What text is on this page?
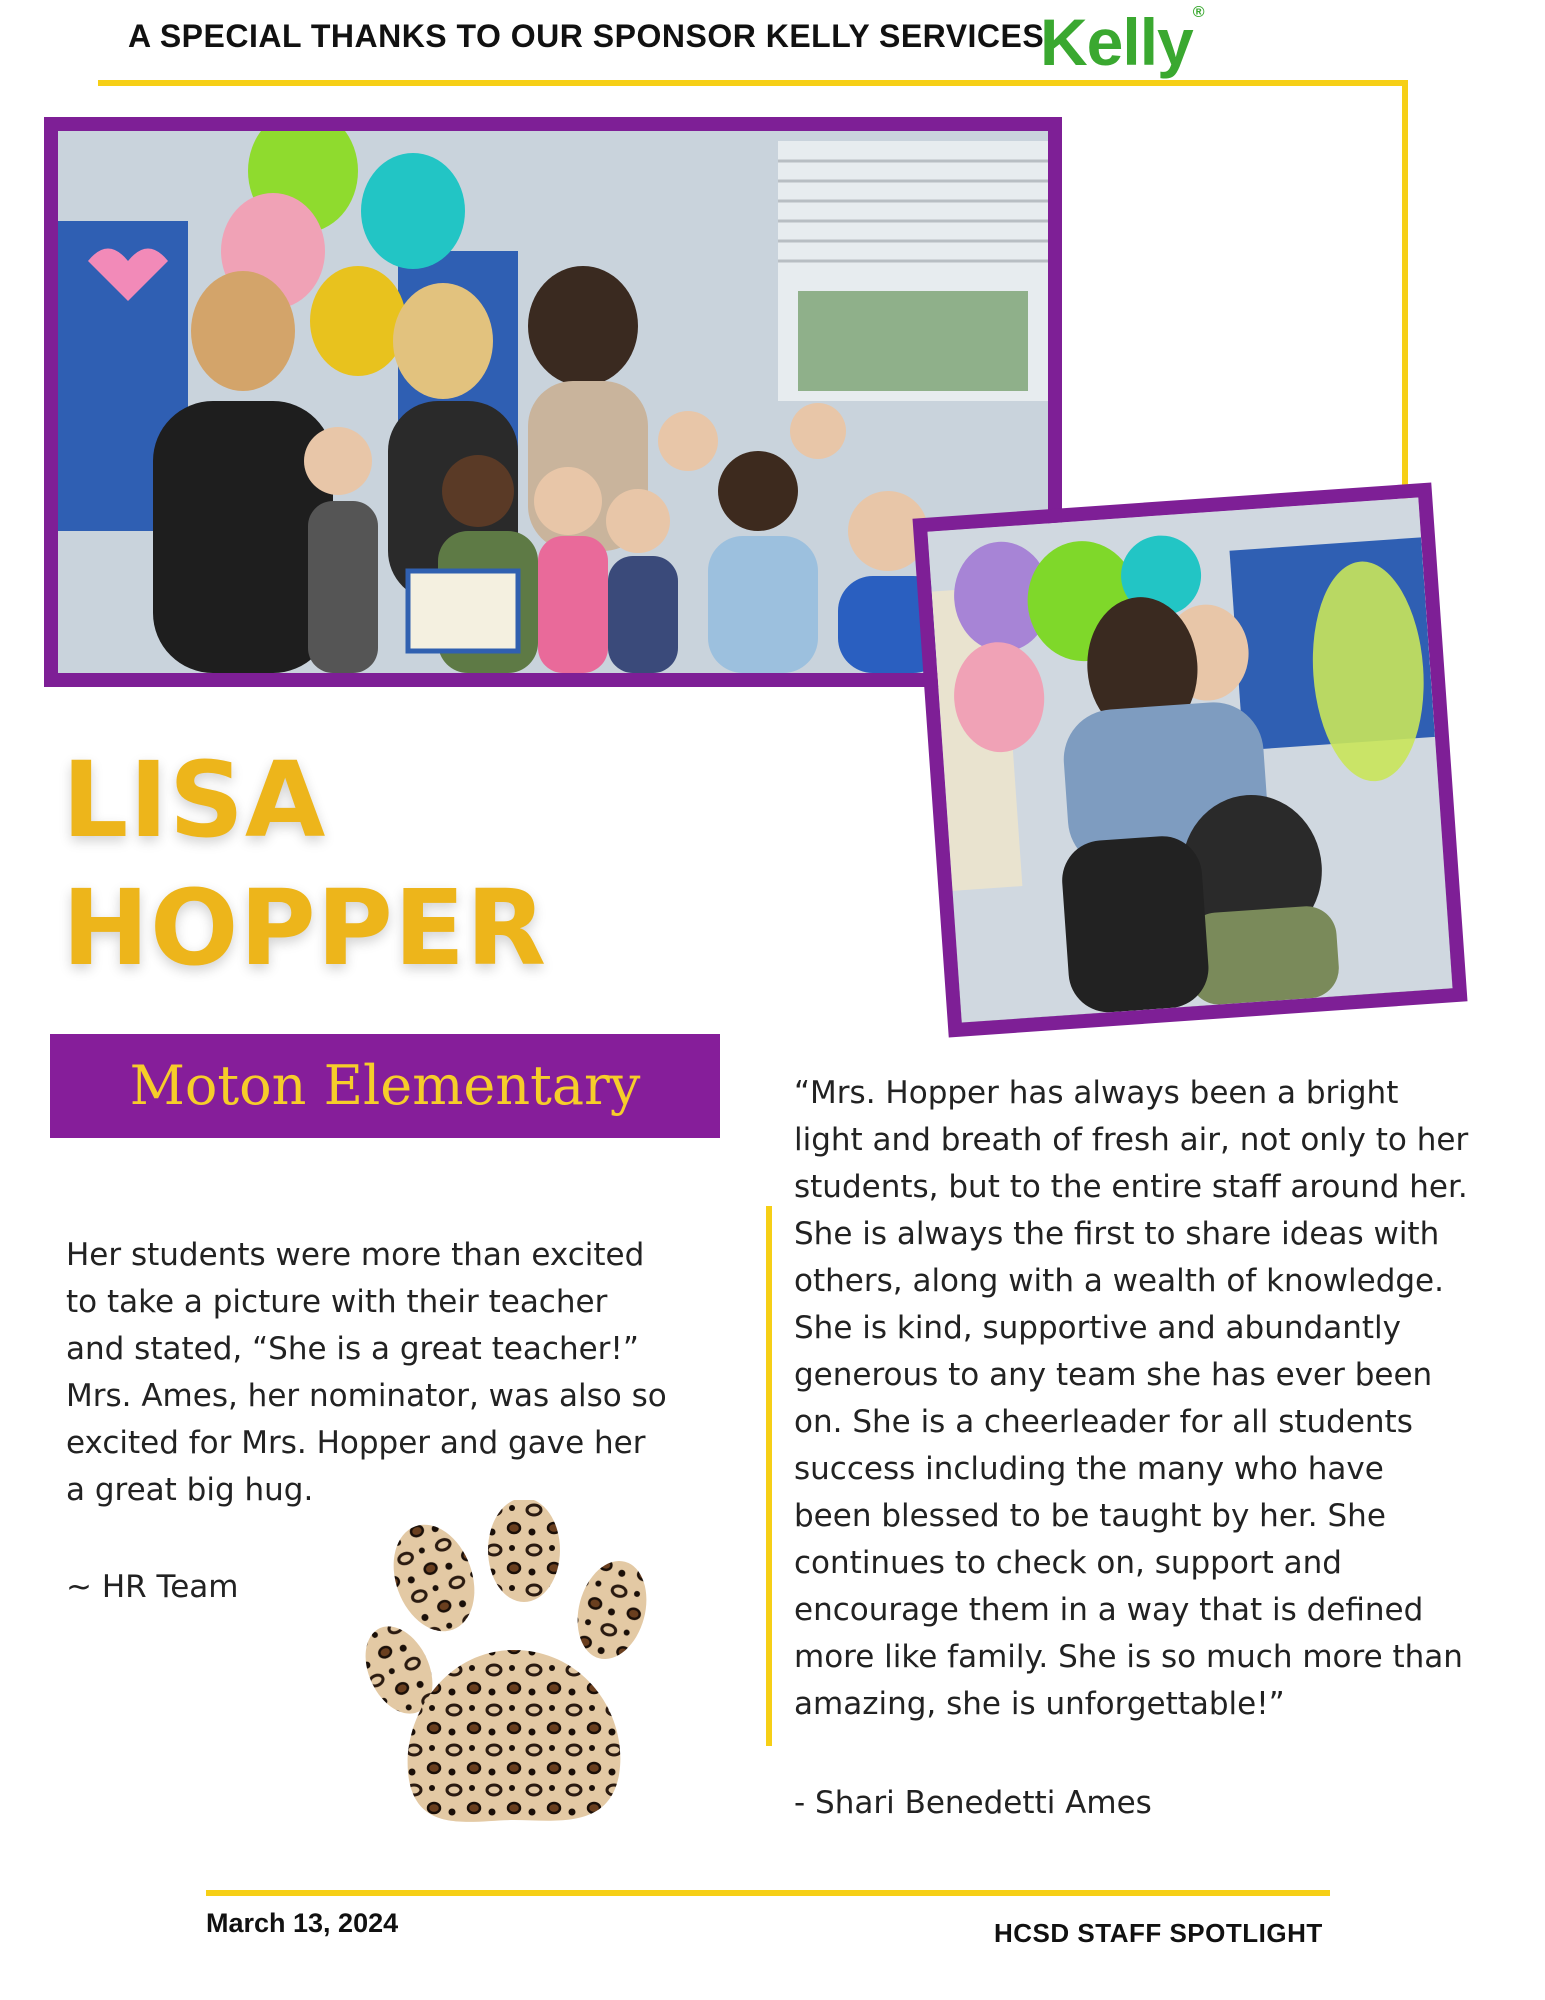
A SPECIAL THANKS TO OUR SPONSOR KELLY SERVICES!
Kelly®
LISA
HOPPER
Moton Elementary
Her students were more than excited
to take a picture with their teacher
and stated, “She is a great teacher!”
Mrs. Ames, her nominator, was also so
excited for Mrs. Hopper and gave her
a great big hug.
~ HR Team
“Mrs. Hopper has always been a bright
light and breath of fresh air, not only to her
students, but to the entire staff around her.
She is always the first to share ideas with
others, along with a wealth of knowledge.
She is kind, supportive and abundantly
generous to any team she has ever been
on. She is a cheerleader for all students
success including the many who have
been blessed to be taught by her. She
continues to check on, support and
encourage them in a way that is defined
more like family. She is so much more than
amazing, she is unforgettable!”
- Shari Benedetti Ames
March 13, 2024	HCSD STAFF SPOTLIGHT
